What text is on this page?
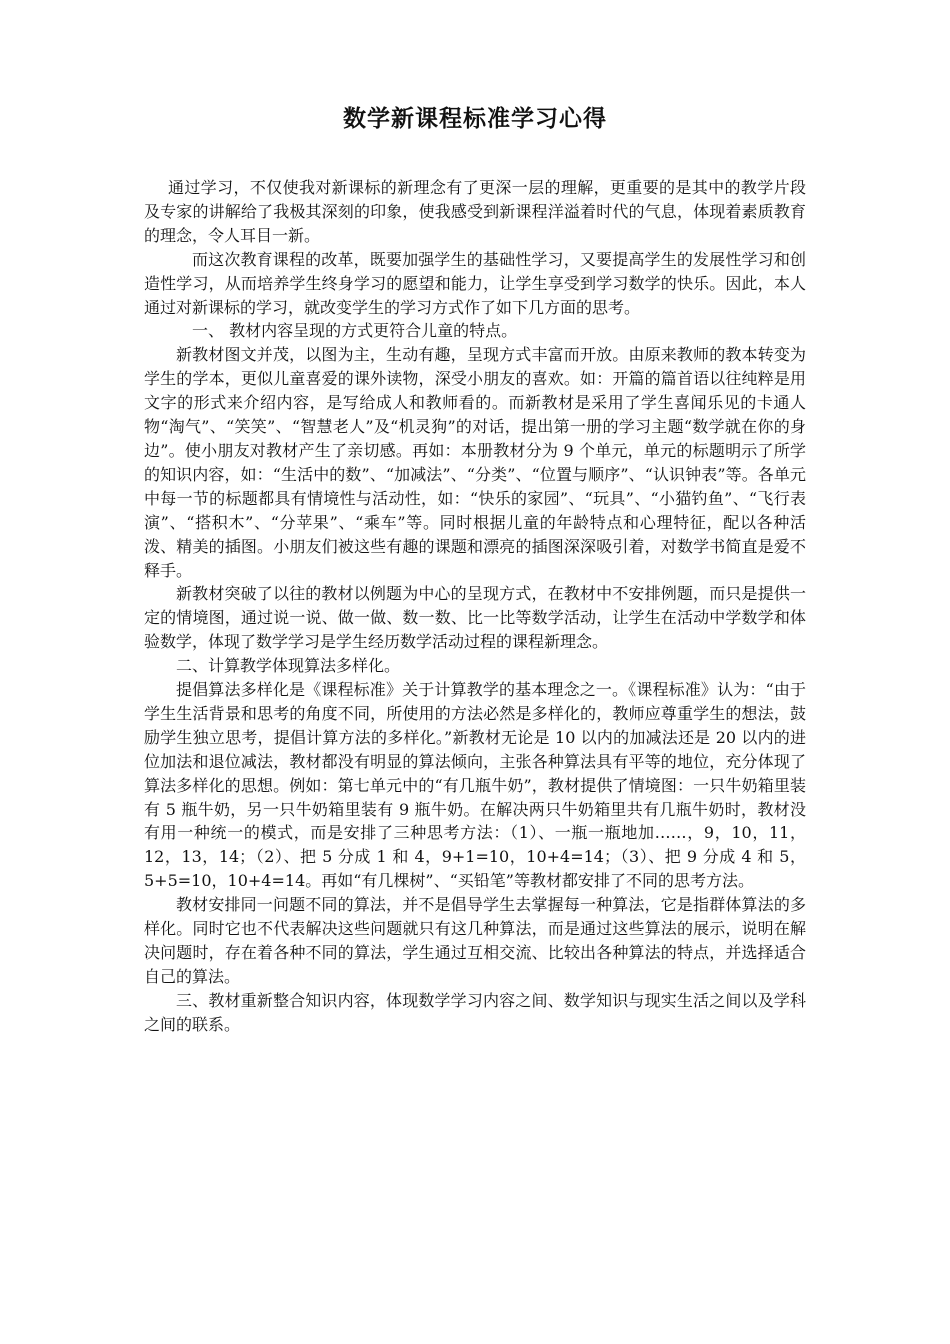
数学新课程标准学习心得

通过学习，不仅使我对新课标的新理念有了更深一层的理解，更重要的是其中的教学片段及专家的讲解给了我极其深刻的印象，使我感受到新课程洋溢着时代的气息，体现着素质教育的理念，令人耳目一新。

而这次教育课程的改革，既要加强学生的基础性学习，又要提高学生的发展性学习和创造性学习，从而培养学生终身学习的愿望和能力，让学生享受到学习数学的快乐。因此，本人通过对新课标的学习，就改变学生的学习方式作了如下几方面的思考。

一、 教材内容呈现的方式更符合儿童的特点。

新教材图文并茂，以图为主，生动有趣，呈现方式丰富而开放。由原来教师的教本转变为学生的学本，更似儿童喜爱的课外读物，深受小朋友的喜欢。如：开篇的篇首语以往纯粹是用文字的形式来介绍内容，是写给成人和教师看的。而新教材是采用了学生喜闻乐见的卡通人物“淘气”、“笑笑”、“智慧老人”及“机灵狗”的对话，提出第一册的学习主题“数学就在你的身边”。使小朋友对教材产生了亲切感。再如：本册教材分为 9 个单元，单元的标题明示了所学的知识内容，如：“生活中的数”、“加减法”、“分类”、“位置与顺序”、“认识钟表”等。各单元中每一节的标题都具有情境性与活动性，如：“快乐的家园”、“玩具”、“小猫钓鱼”、“飞行表演”、“搭积木”、“分苹果”、“乘车”等。同时根据儿童的年龄特点和心理特征，配以各种活泼、精美的插图。小朋友们被这些有趣的课题和漂亮的插图深深吸引着，对数学书简直是爱不释手。

新教材突破了以往的教材以例题为中心的呈现方式，在教材中不安排例题，而只是提供一定的情境图，通过说一说、做一做、数一数、比一比等数学活动，让学生在活动中学数学和体验数学，体现了数学学习是学生经历数学活动过程的课程新理念。

二、计算教学体现算法多样化。

提倡算法多样化是《课程标准》关于计算教学的基本理念之一。《课程标准》认为：“由于学生生活背景和思考的角度不同，所使用的方法必然是多样化的，教师应尊重学生的想法，鼓励学生独立思考，提倡计算方法的多样化。”新教材无论是 10 以内的加减法还是 20 以内的进位加法和退位减法，教材都没有明显的算法倾向，主张各种算法具有平等的地位，充分体现了算法多样化的思想。例如：第七单元中的“有几瓶牛奶”，教材提供了情境图：一只牛奶箱里装有 5 瓶牛奶，另一只牛奶箱里装有 9 瓶牛奶。在解决两只牛奶箱里共有几瓶牛奶时，教材没有用一种统一的模式，而是安排了三种思考方法：（1）、一瓶一瓶地加……，9，10，11，12，13，14；（2）、把 5 分成 1 和 4，9+1=10，10+4=14；（3）、把 9 分成 4 和 5，5+5=10，10+4=14。再如“有几棵树”、“买铅笔”等教材都安排了不同的思考方法。

教材安排同一问题不同的算法，并不是倡导学生去掌握每一种算法，它是指群体算法的多样化。同时它也不代表解决这些问题就只有这几种算法，而是通过这些算法的展示，说明在解决问题时，存在着各种不同的算法，学生通过互相交流、比较出各种算法的特点，并选择适合自己的算法。

三、教材重新整合知识内容，体现数学学习内容之间、数学知识与现实生活之间以及学科之间的联系。
